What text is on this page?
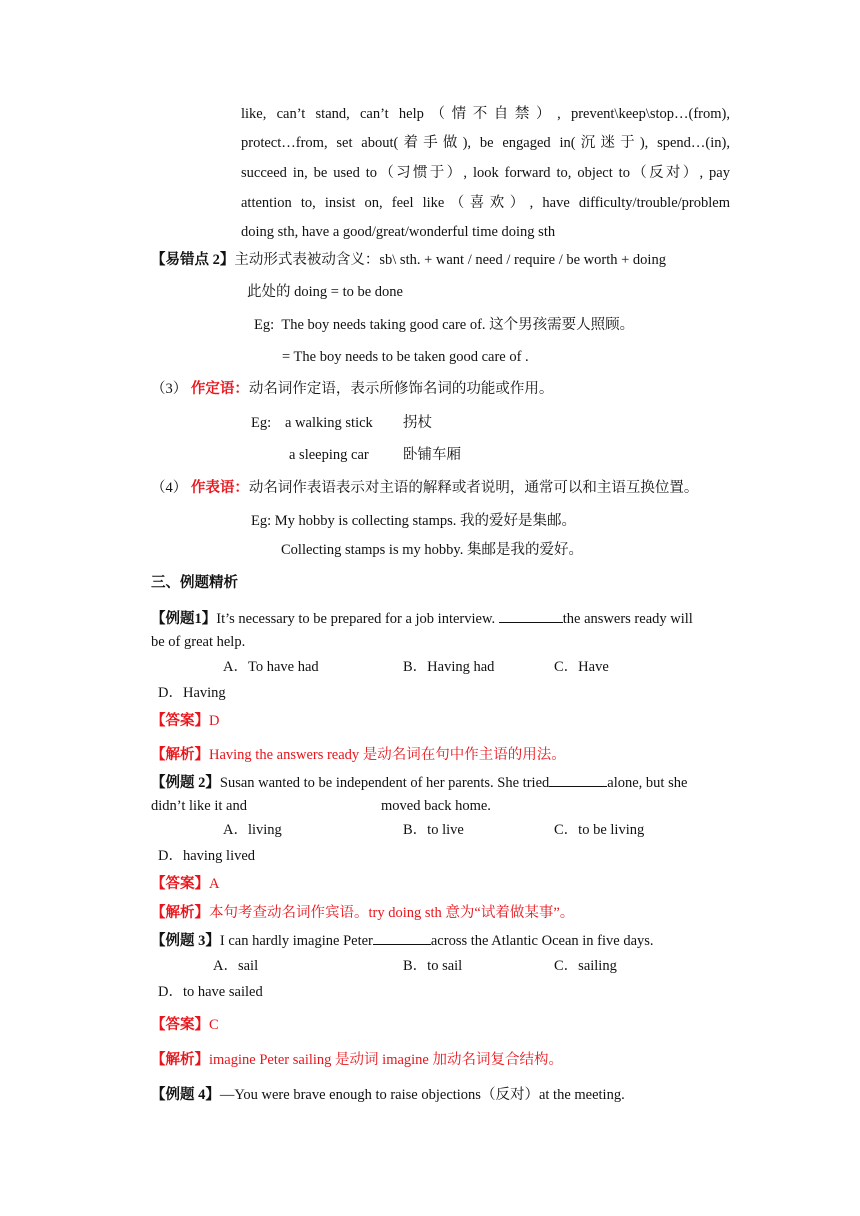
like, can’t stand, can’t help（情不自禁）, prevent\keep\stop…(from),
protect…from, set about(着手做), be engaged in(沉迷于), spend…(in),
succeed in, be used to（习惯于）, look forward to, object to（反对）, pay
attention to, insist on, feel like（喜欢）, have difficulty/trouble/problem
doing sth, have a good/great/wonderful time doing sth
【易错点 2】主动形式表被动含义：sb\ sth. + want / need / require / be worth + doing
此处的 doing = to be done
Eg: The boy needs taking good care of. 这个男孩需要人照顾。
= The boy needs to be taken good care of .
（3） 作定语：动名词作定语，表示所修饰名词的功能或作用。
Eg: a walking stick 拐杖
a sleeping car 卧铺车厢
（4） 作表语：动名词作表语表示对主语的解释或者说明，通常可以和主语互换位置。
Eg: My hobby is collecting stamps. 我的爱好是集邮。
Collecting stamps is my hobby. 集邮是我的爱好。
三、例题精析
【例题1】It’s necessary to be prepared for a job interview.	the answers ready will
be of great help.
A．To have had	B．Having had	C．Have
D．Having
【答案】D
【解析】Having the answers ready 是动名词在句中作主语的用法。
【例题 2】Susan wanted to be independent of her parents. She tried	alone, but she
didn’t like it and	moved back home.
A．living	B．to live	C．to be living
D．having lived
【答案】A
【解析】本句考查动名词作宾语。try doing sth 意为“试着做某事”。
【例题 3】I can hardly imagine Peter	across the Atlantic Ocean in five days.
A．sail	B．to sail	C．sailing
D．to have sailed
【答案】C
【解析】imagine Peter sailing 是动词 imagine 加动名词复合结构。
【例题 4】—You were brave enough to raise objections（反对）at the meeting.
